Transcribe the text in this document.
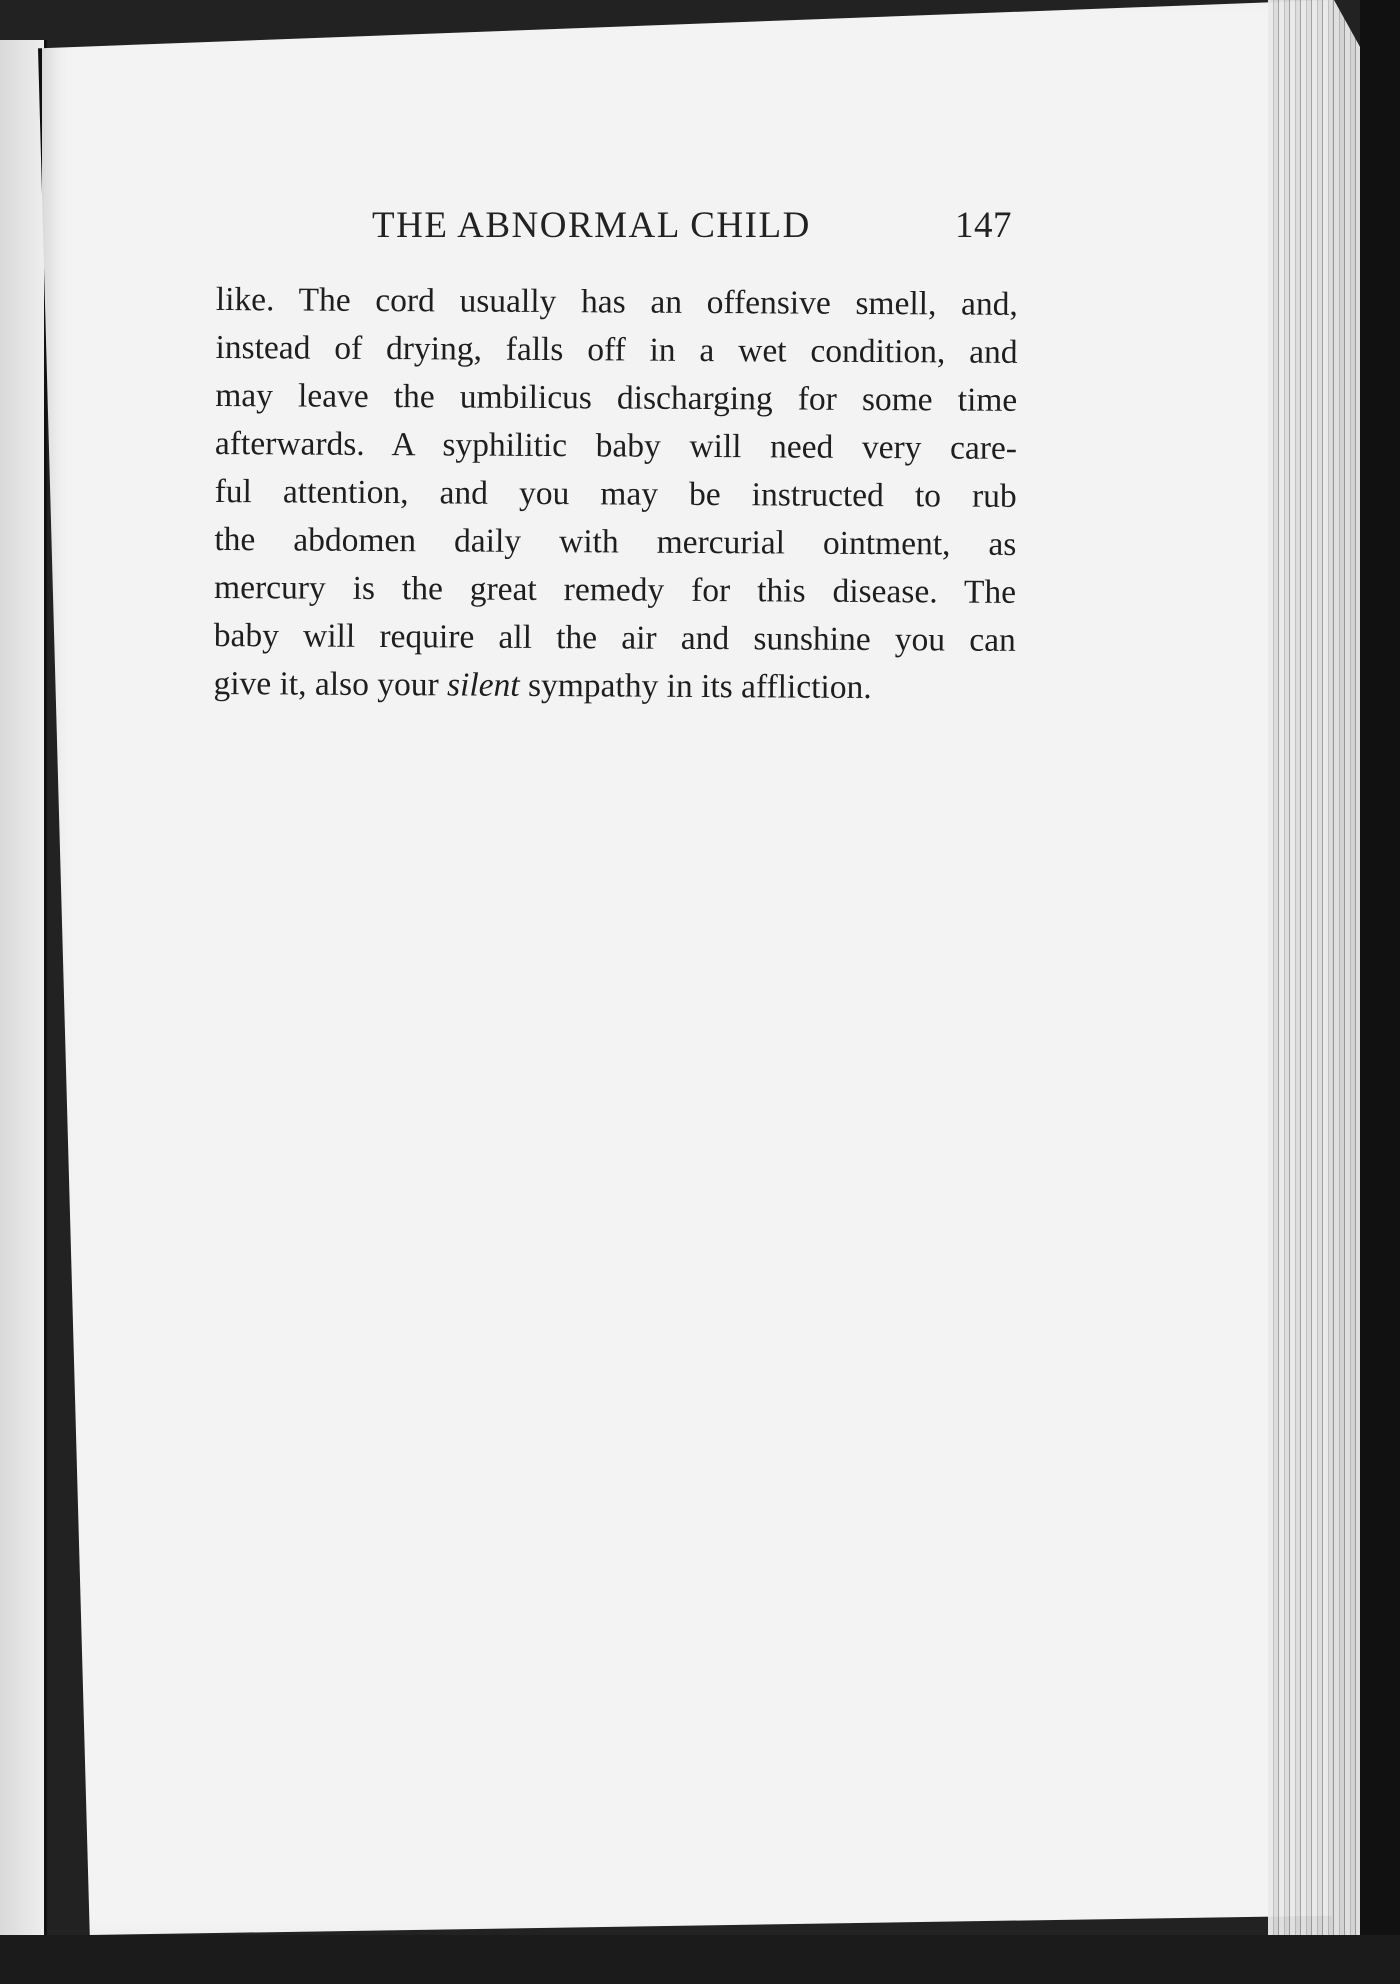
THE ABNORMAL CHILD	147
like. The cord usually has an offensive smell, and,
instead of drying, falls off in a wet condition, and
may leave the umbilicus discharging for some time
afterwards. A syphilitic baby will need very care-
ful attention, and you may be instructed to rub
the abdomen daily with mercurial ointment, as
mercury is the great remedy for this disease. The
baby will require all the air and sunshine you can
give it, also your silent sympathy in its affliction.
